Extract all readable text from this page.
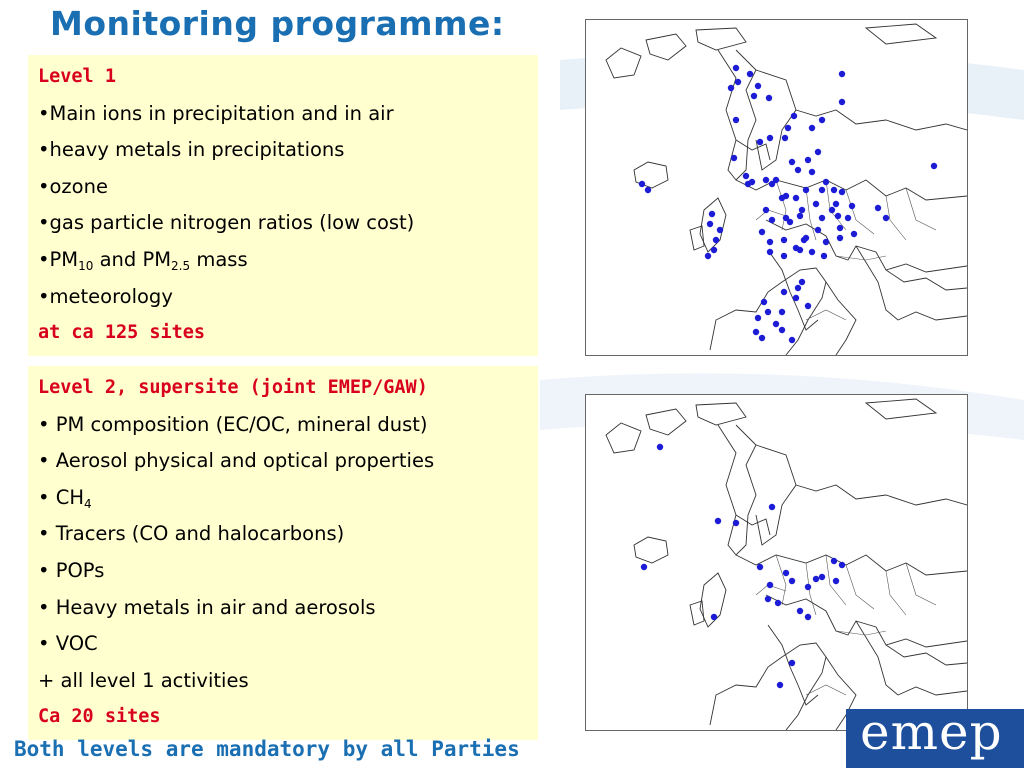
Monitoring programme:
Level 1
•Main ions in precipitation and in air
•heavy metals in precipitations
•ozone
•gas particle nitrogen ratios (low cost)
$•PM_{10}$ and $PM_{2.5}$ mass
•meteorology
at ca 125 sites
Level 2, supersite (joint EMEP/GAW)
• PM composition (EC/OC, mineral dust)
• Aerosol physical and optical properties
• $CH_4$
• Tracers (CO and halocarbons)
• POPs
• Heavy metals in air and aerosols
• VOC
+ all level 1 activities
Ca 20 sites
Both levels are mandatory by all Parties	emep
